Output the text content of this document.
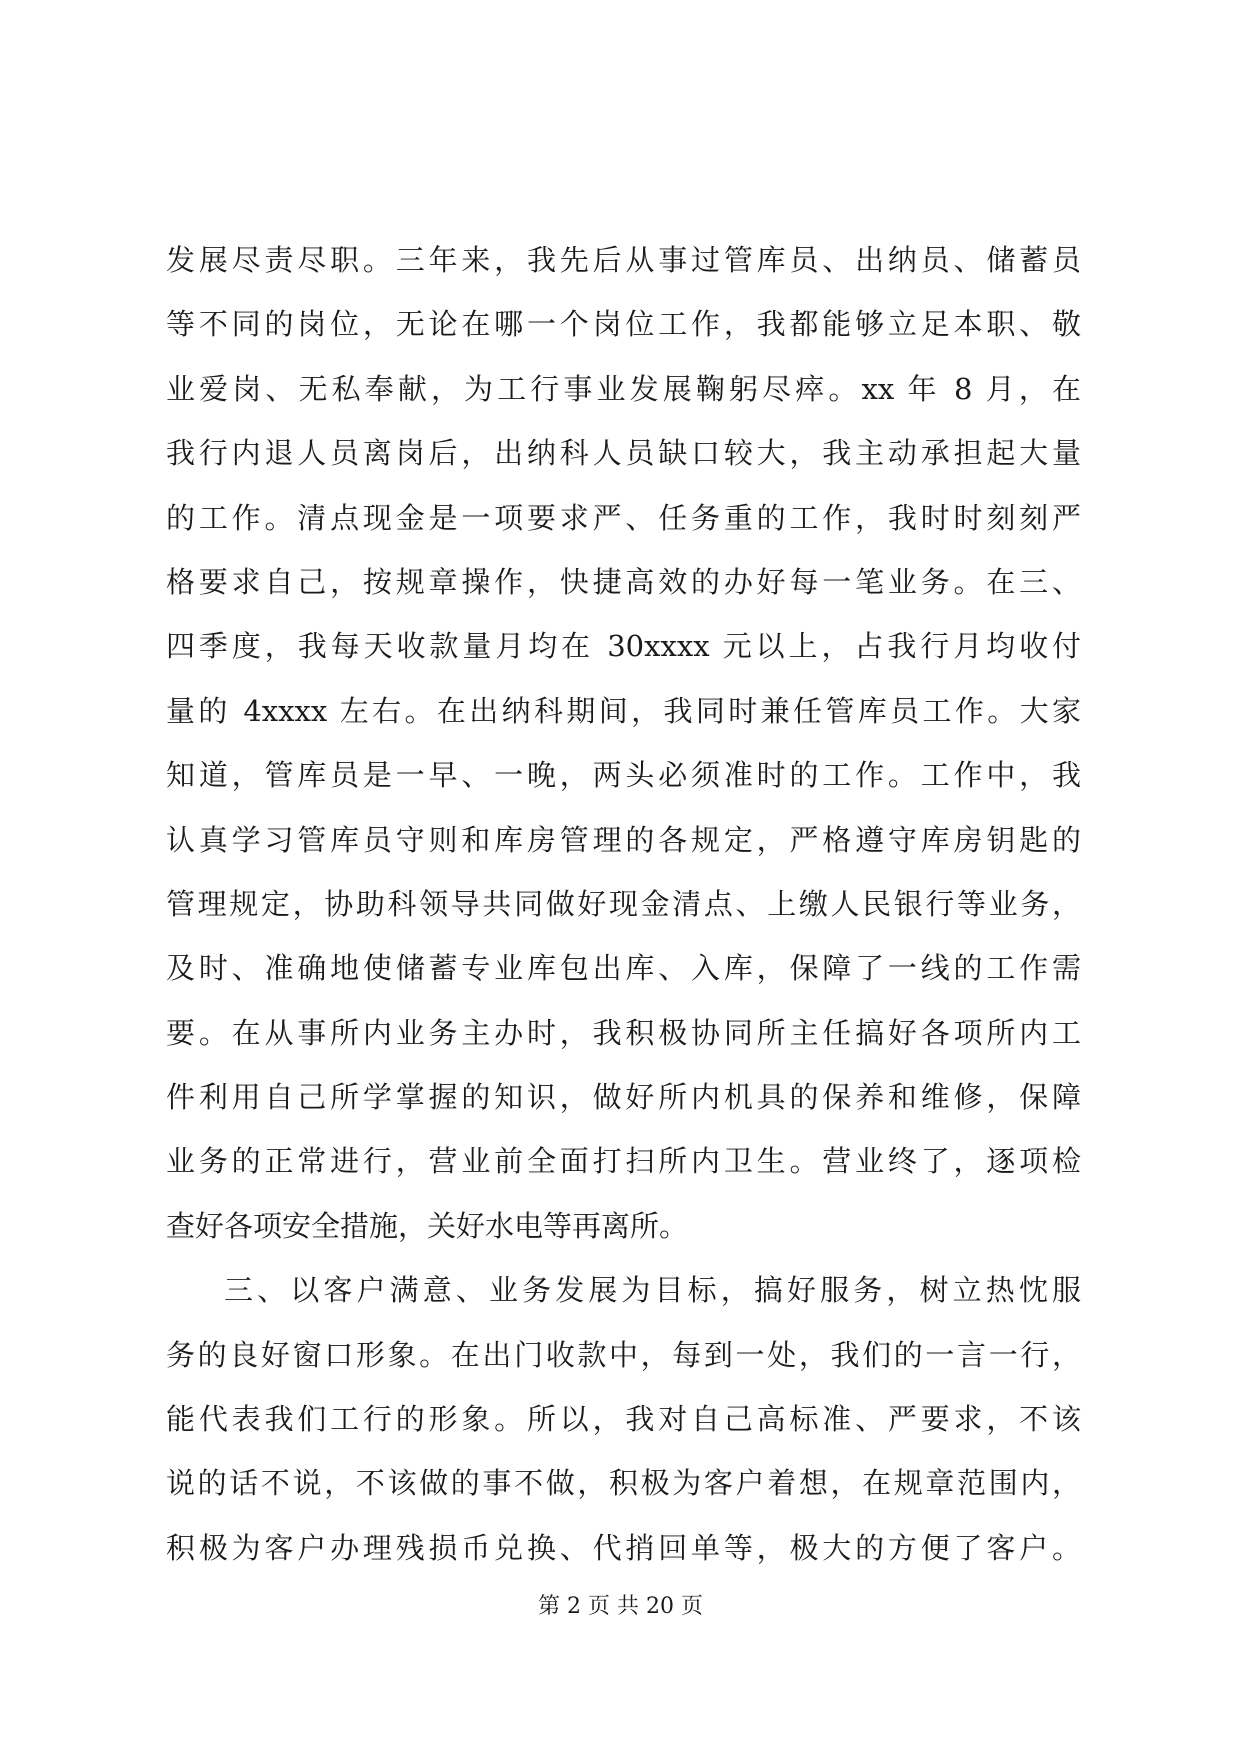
发展尽责尽职。三年来，我先后从事过管库员、出纳员、储蓄员
等不同的岗位，无论在哪一个岗位工作，我都能够立足本职、敬
业爱岗、无私奉献，为工行事业发展鞠躬尽瘁。xx 年 8 月，在
我行内退人员离岗后，出纳科人员缺口较大，我主动承担起大量
的工作。清点现金是一项要求严、任务重的工作，我时时刻刻严
格要求自己，按规章操作，快捷高效的办好每一笔业务。在三、
四季度，我每天收款量月均在 30xxxx 元以上，占我行月均收付
量的 4xxxx 左右。在出纳科期间，我同时兼任管库员工作。大家
知道，管库员是一早、一晚，两头必须准时的工作。工作中，我
认真学习管库员守则和库房管理的各规定，严格遵守库房钥匙的
管理规定，协助科领导共同做好现金清点、上缴人民银行等业务，
及时、准确地使储蓄专业库包出库、入库，保障了一线的工作需
要。在从事所内业务主办时，我积极协同所主任搞好各项所内工
件利用自己所学掌握的知识，做好所内机具的保养和维修，保障
业务的正常进行，营业前全面打扫所内卫生。营业终了，逐项检
查好各项安全措施，关好水电等再离所。
三、以客户满意、业务发展为目标，搞好服务，树立热忱服
务的良好窗口形象。在出门收款中，每到一处，我们的一言一行，
能代表我们工行的形象。所以，我对自己高标准、严要求，不该
说的话不说，不该做的事不做，积极为客户着想，在规章范围内，
积极为客户办理残损币兑换、代捎回单等，极大的方便了客户。
第 2 页 共 20 页
